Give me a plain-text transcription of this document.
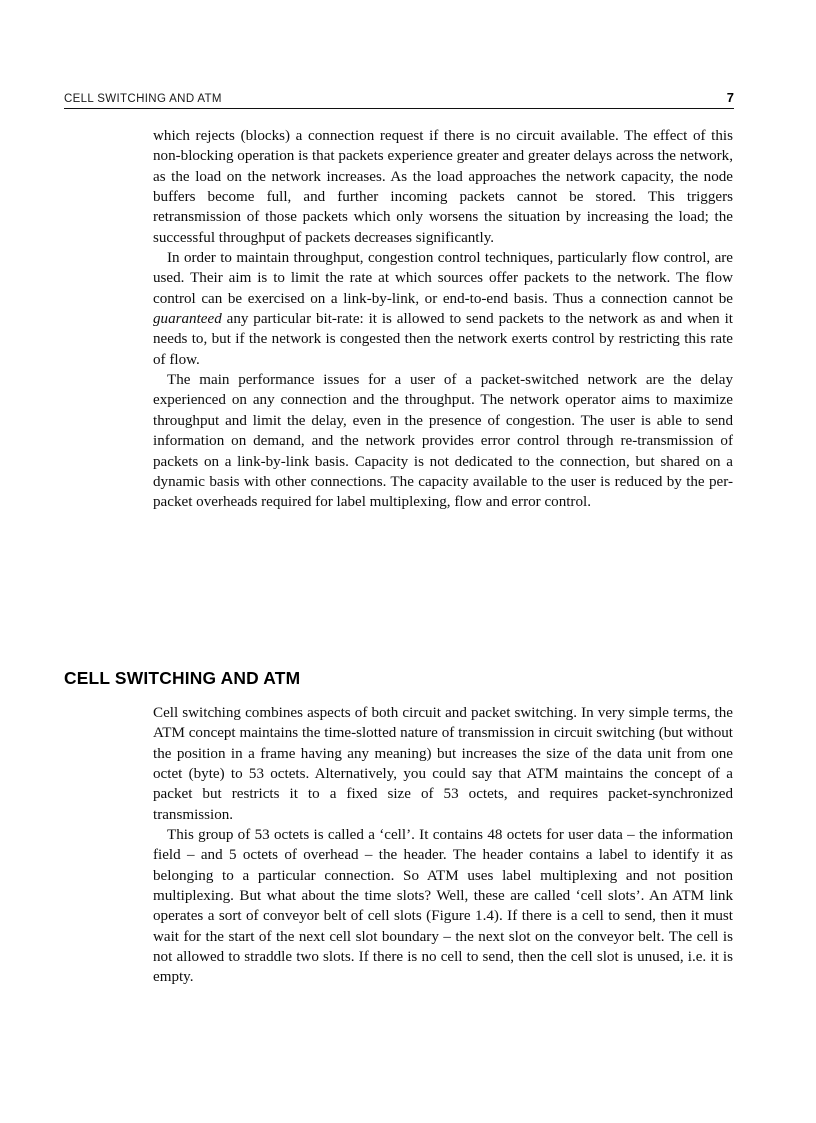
CELL SWITCHING AND ATM	7

which rejects (blocks) a connection request if there is no circuit available. The effect of this non-blocking operation is that packets experience greater and greater delays across the network, as the load on the network increases. As the load approaches the network capacity, the node buffers become full, and further incoming packets cannot be stored. This triggers retransmission of those packets which only worsens the situation by increasing the load; the successful throughput of packets decreases significantly.

In order to maintain throughput, congestion control techniques, particularly flow control, are used. Their aim is to limit the rate at which sources offer packets to the network. The flow control can be exercised on a link-by-link, or end-to-end basis. Thus a connection cannot be guaranteed any particular bit-rate: it is allowed to send packets to the network as and when it needs to, but if the network is congested then the network exerts control by restricting this rate of flow.

The main performance issues for a user of a packet-switched network are the delay experienced on any connection and the throughput. The network operator aims to maximize throughput and limit the delay, even in the presence of congestion. The user is able to send information on demand, and the network provides error control through re-transmission of packets on a link-by-link basis. Capacity is not dedicated to the connection, but shared on a dynamic basis with other connections. The capacity available to the user is reduced by the per-packet overheads required for label multiplexing, flow and error control.

CELL SWITCHING AND ATM

Cell switching combines aspects of both circuit and packet switching. In very simple terms, the ATM concept maintains the time-slotted nature of transmission in circuit switching (but without the position in a frame having any meaning) but increases the size of the data unit from one octet (byte) to 53 octets. Alternatively, you could say that ATM maintains the concept of a packet but restricts it to a fixed size of 53 octets, and requires packet-synchronized transmission.

This group of 53 octets is called a ‘cell’. It contains 48 octets for user data – the information field – and 5 octets of overhead – the header. The header contains a label to identify it as belonging to a particular connection. So ATM uses label multiplexing and not position multiplexing. But what about the time slots? Well, these are called ‘cell slots’. An ATM link operates a sort of conveyor belt of cell slots (Figure 1.4). If there is a cell to send, then it must wait for the start of the next cell slot boundary – the next slot on the conveyor belt. The cell is not allowed to straddle two slots. If there is no cell to send, then the cell slot is unused, i.e. it is empty.
